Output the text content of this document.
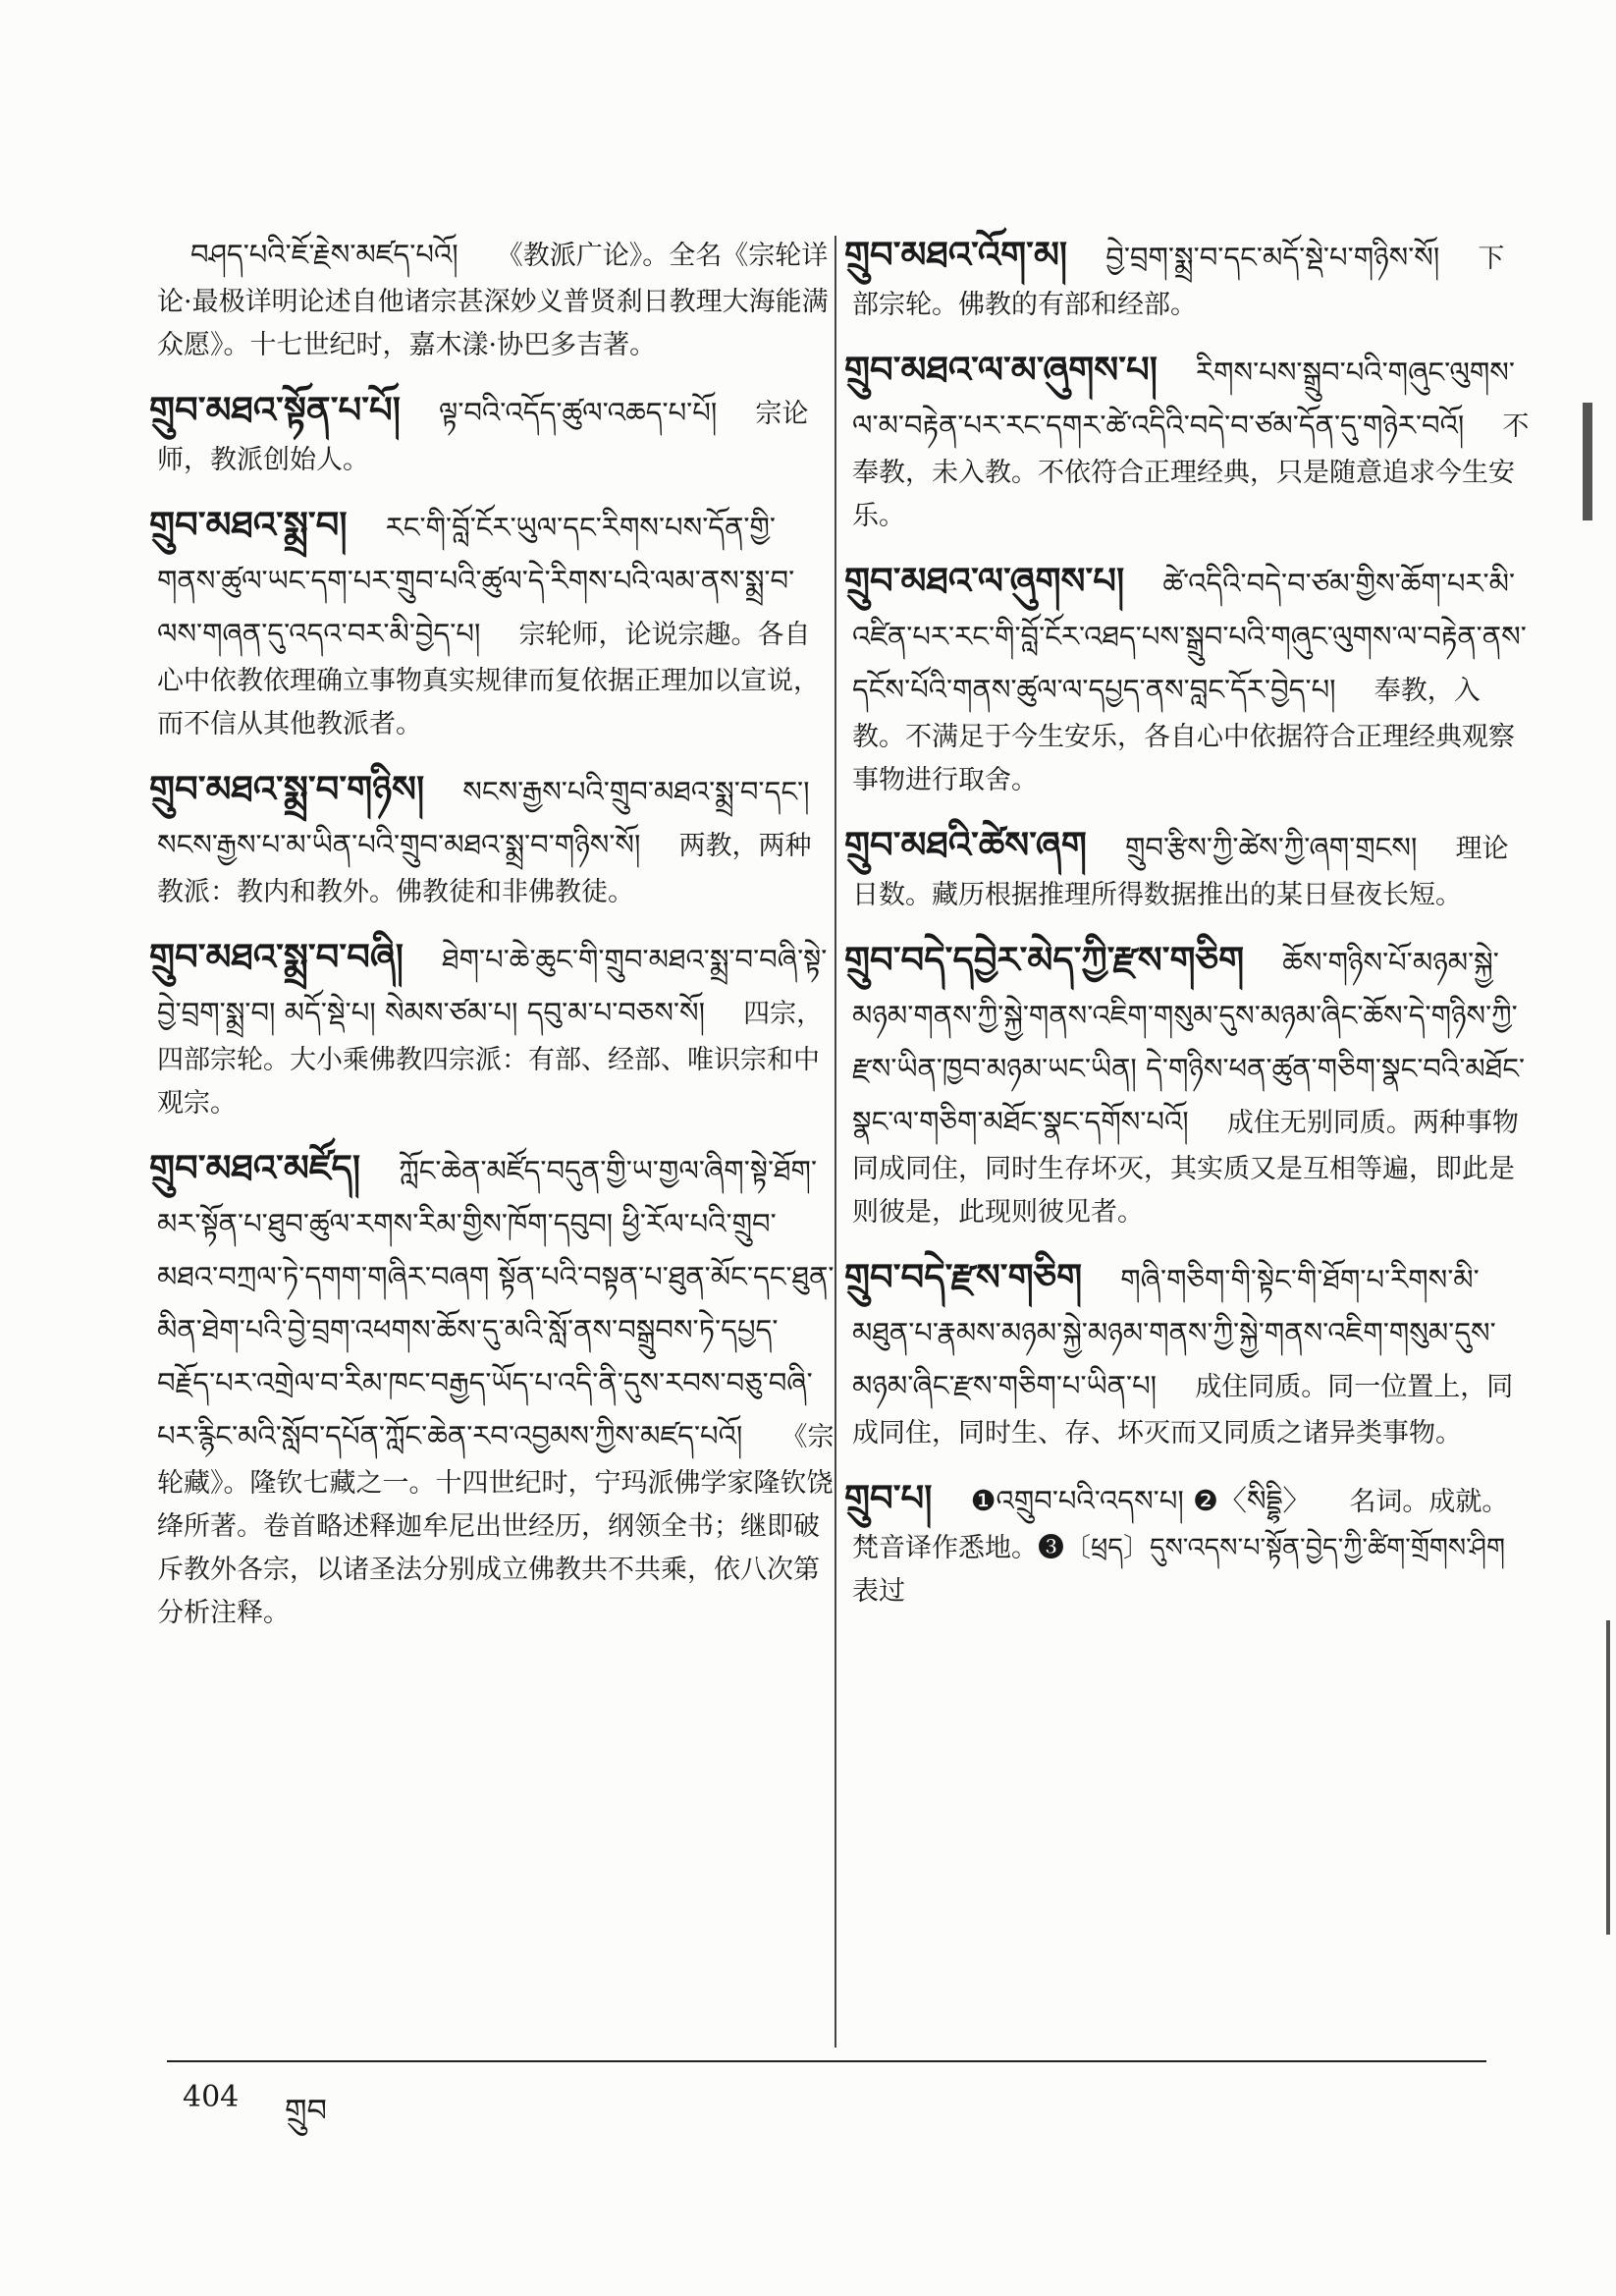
བཤད་པའི་ཇོ་རྗེས་མཛད་པའོ། 《教派广论》。全名《宗轮详论·最极详明论述自他诸宗甚深妙义普贤刹日教理大海能满众愿》。十七世纪时，嘉木漾·协巴多吉著。
གྲུབ་མཐའ་སྟོན་པ་པོ། ལྟ་བའི་འདོད་ཚུལ་འཆད་པ་པོ། 宗论师，教派创始人。
གྲུབ་མཐའ་སྨྲ་བ། རང་གི་བློ་ངོར་ཡུལ་དང་རིགས་པས་དོན་གྱི་གནས་ཚུལ་ཡང་དག་པར་གྲུབ་པའི་ཚུལ་དེ་རིགས་པའི་ལམ་ནས་སྨྲ་བ་ལས་གཞན་དུ་འདའ་བར་མི་བྱེད་པ། 宗轮师，论说宗趣。各自心中依教依理确立事物真实规律而复依据正理加以宣说，而不信从其他教派者。
གྲུབ་མཐའ་སྨྲ་བ་གཉིས། སངས་རྒྱས་པའི་གྲུབ་མཐའ་སྨྲ་བ་དང་། སངས་རྒྱས་པ་མ་ཡིན་པའི་གྲུབ་མཐའ་སྨྲ་བ་གཉིས་སོ། 两教，两种教派：教内和教外。佛教徒和非佛教徒。
གྲུབ་མཐའ་སྨྲ་བ་བཞི། ཐེག་པ་ཆེ་ཆུང་གི་གྲུབ་མཐའ་སྨྲ་བ་བཞི་སྟེ་བྱེ་བྲག་སྨྲ་བ། མདོ་སྡེ་པ། སེམས་ཙམ་པ། དབུ་མ་པ་བཅས་སོ། 四宗，四部宗轮。大小乘佛教四宗派：有部、经部、唯识宗和中观宗。
གྲུབ་མཐའ་མཛོད། ཀློང་ཆེན་མཛོད་བདུན་གྱི་ཡ་གྱལ་ཞིག་སྟེ་ཐོག་མར་སྟོན་པ་ཐུབ་ཚུལ་རགས་རིམ་གྱིས་ཁོག་དབུབ། ཕྱི་རོལ་པའི་གྲུབ་མཐའ་བཀྲལ་ཏེ་དགག་གཞིར་བཞག སྟོན་པའི་བསྟན་པ་ཐུན་མོང་དང་ཐུན་མིན་ཐེག་པའི་བྱེ་བྲག་འཕགས་ཆོས་དུ་མའི་སློ་ནས་བསྒྲུབས་ཏེ་དཔྱད་བརྗོད་པར་འགྲེལ་བ་རིམ་ཁང་བརྒྱད་ཡོད་པ་འདི་ནི་དུས་རབས་བཅུ་བཞི་པར་རྙིང་མའི་སློབ་དཔོན་ཀློང་ཆེན་རབ་འབྱམས་ཀྱིས་མཛད་པའོ། 《宗轮藏》。隆钦七藏之一。十四世纪时，宁玛派佛学家隆钦饶绛所著。卷首略述释迦牟尼出世经历，纲领全书；继即破斥教外各宗，以诸圣法分别成立佛教共不共乘，依八次第分析注释。
གྲུབ་མཐའ་འོག་མ། བྱེ་བྲག་སྨྲ་བ་དང་མདོ་སྡེ་པ་གཉིས་སོ། 下部宗轮。佛教的有部和经部。
གྲུབ་མཐའ་ལ་མ་ཞུགས་པ། རིགས་པས་སྒྲུབ་པའི་གཞུང་ལུགས་ལ་མ་བརྟེན་པར་རང་དགར་ཚེ་འདིའི་བདེ་བ་ཙམ་དོན་དུ་གཉེར་བའོ། 不奉教，未入教。不依符合正理经典，只是随意追求今生安乐。
གྲུབ་མཐའ་ལ་ཞུགས་པ། ཚེ་འདིའི་བདེ་བ་ཙམ་གྱིས་ཆོག་པར་མི་འཛིན་པར་རང་གི་བློ་ངོར་འཐད་པས་སྒྲུབ་པའི་གཞུང་ལུགས་ལ་བརྟེན་ནས་དངོས་པོའི་གནས་ཚུལ་ལ་དཔྱད་ནས་བླང་དོར་བྱེད་པ། 奉教，入教。不满足于今生安乐，各自心中依据符合正理经典观察事物进行取舍。
གྲུབ་མཐའི་ཚེས་ཞག གྲུབ་རྩིས་ཀྱི་ཚེས་ཀྱི་ཞག་གྲངས། 理论日数。藏历根据推理所得数据推出的某日昼夜长短。
གྲུབ་བདེ་དབྱེར་མེད་ཀྱི་རྫས་གཅིག ཆོས་གཉིས་པོ་མཉམ་སྐྱེ་མཉམ་གནས་ཀྱི་སྐྱེ་གནས་འཇིག་གསུམ་དུས་མཉམ་ཞིང་ཆོས་དེ་གཉིས་ཀྱི་རྫས་ཡིན་ཁྱབ་མཉམ་ཡང་ཡིན། དེ་གཉིས་ཕན་ཚུན་གཅིག་སྣང་བའི་མཐོང་སྣང་ལ་གཅིག་མཐོང་སྣང་དགོས་པའོ། 成住无别同质。两种事物同成同住，同时生存坏灭，其实质又是互相等遍，即此是则彼是，此现则彼见者。
གྲུབ་བདེ་རྫས་གཅིག གཞི་གཅིག་གི་སྟེང་གི་ཐོག་པ་རིགས་མི་མཐུན་པ་རྣམས་མཉམ་སྐྱེ་མཉམ་གནས་ཀྱི་སྐྱེ་གནས་འཇིག་གསུམ་དུས་མཉམ་ཞིང་རྫས་གཅིག་པ་ཡིན་པ། 成住同质。同一位置上，同成同住，同时生、存、坏灭而又同质之诸异类事物。
གྲུབ་པ། ❶འགྲུབ་པའི་འདས་པ། ❷〈སིདྡྷི〉 名词。成就。梵音译作悉地。❸〔ཕྲད〕དུས་འདས་པ་སྟོན་བྱེད་ཀྱི་ཚིག་གྲོགས་ཤིག 表过
404 གྲུབ
